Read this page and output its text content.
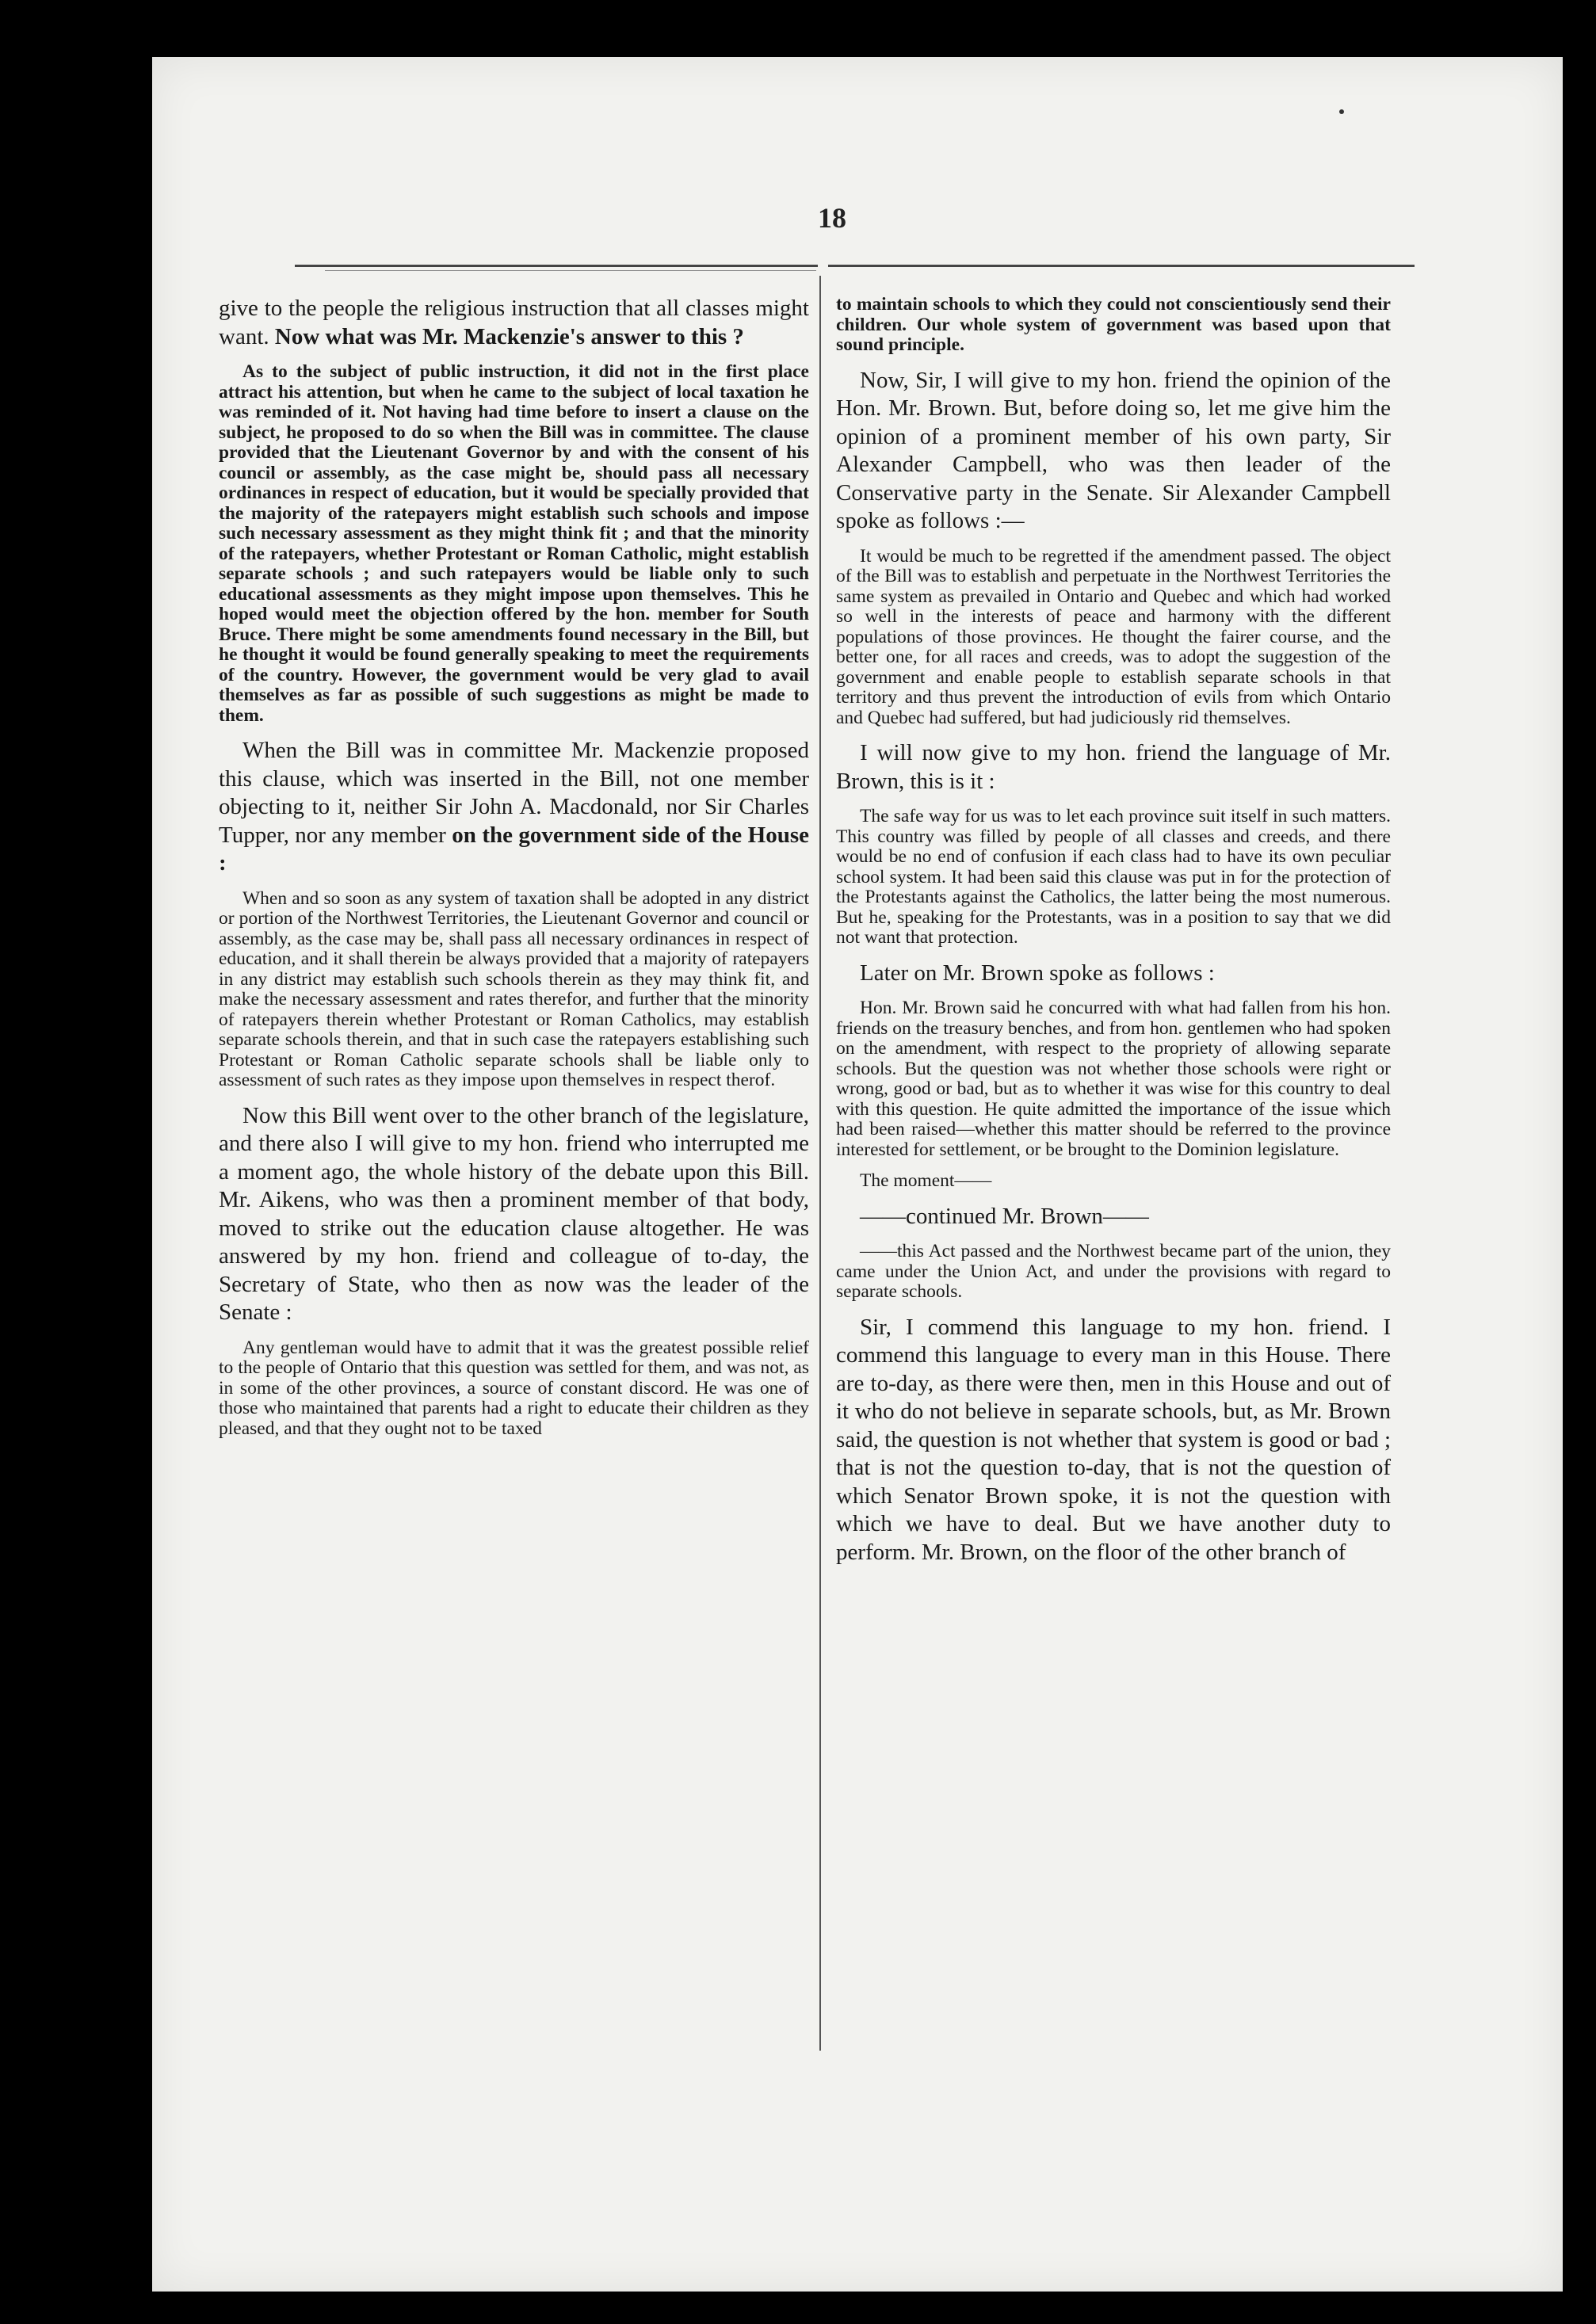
18

give to the people the religious instruction that all classes might want. Now what was Mr. Mackenzie's answer to this ?

As to the subject of public instruction, it did not in the first place attract his attention, but when he came to the subject of local taxation he was reminded of it. Not having had time before to insert a clause on the subject, he proposed to do so when the Bill was in committee. The clause provided that the Lieutenant Governor by and with the consent of his council or assembly, as the case might be, should pass all necessary ordinances in respect of education, but it would be specially provided that the majority of the ratepayers might establish such schools and impose such necessary assessment as they might think fit ; and that the minority of the ratepayers, whether Protestant or Roman Catholic, might establish separate schools ; and such ratepayers would be liable only to such educational assessments as they might impose upon themselves. This he hoped would meet the objection offered by the hon. member for South Bruce. There might be some amendments found necessary in the Bill, but he thought it would be found generally speaking to meet the requirements of the country. However, the government would be very glad to avail themselves as far as possible of such suggestions as might be made to them.

When the Bill was in committee Mr. Mackenzie proposed this clause, which was inserted in the Bill, not one member objecting to it, neither Sir John A. Macdonald, nor Sir Charles Tupper, nor any member on the government side of the House :

When and so soon as any system of taxation shall be adopted in any district or portion of the Northwest Territories, the Lieutenant Governor and council or assembly, as the case may be, shall pass all necessary ordinances in respect of education, and it shall therein be always provided that a majority of ratepayers in any district may establish such schools therein as they may think fit, and make the necessary assessment and rates therefor, and further that the minority of ratepayers therein whether Protestant or Roman Catholics, may establish separate schools therein, and that in such case the ratepayers establishing such Protestant or Roman Catholic separate schools shall be liable only to assessment of such rates as they impose upon themselves in respect therof.

Now this Bill went over to the other branch of the legislature, and there also I will give to my hon. friend who interrupted me a moment ago, the whole history of the debate upon this Bill. Mr. Aikens, who was then a prominent member of that body, moved to strike out the education clause altogether. He was answered by my hon. friend and colleague of to-day, the Secretary of State, who then as now was the leader of the Senate :

Any gentleman would have to admit that it was the greatest possible relief to the people of Ontario that this question was settled for them, and was not, as in some of the other provinces, a source of constant discord. He was one of those who maintained that parents had a right to educate their children as they pleased, and that they ought not to be taxed

to maintain schools to which they could not conscientiously send their children. Our whole system of government was based upon that sound principle.

Now, Sir, I will give to my hon. friend the opinion of the Hon. Mr. Brown. But, before doing so, let me give him the opinion of a prominent member of his own party, Sir Alexander Campbell, who was then leader of the Conservative party in the Senate. Sir Alexander Campbell spoke as follows :—

It would be much to be regretted if the amendment passed. The object of the Bill was to establish and perpetuate in the Northwest Territories the same system as prevailed in Ontario and Quebec and which had worked so well in the interests of peace and harmony with the different populations of those provinces. He thought the fairer course, and the better one, for all races and creeds, was to adopt the suggestion of the government and enable people to establish separate schools in that territory and thus prevent the introduction of evils from which Ontario and Quebec had suffered, but had judiciously rid themselves.

I will now give to my hon. friend the language of Mr. Brown, this is it :

The safe way for us was to let each province suit itself in such matters. This country was filled by people of all classes and creeds, and there would be no end of confusion if each class had to have its own peculiar school system. It had been said this clause was put in for the protection of the Protestants against the Catholics, the latter being the most numerous. But he, speaking for the Protestants, was in a position to say that we did not want that protection.

Later on Mr. Brown spoke as follows :

Hon. Mr. Brown said he concurred with what had fallen from his hon. friends on the treasury benches, and from hon. gentlemen who had spoken on the amendment, with respect to the propriety of allowing separate schools. But the question was not whether those schools were right or wrong, good or bad, but as to whether it was wise for this country to deal with this question. He quite admitted the importance of the issue which had been raised—whether this matter should be referred to the province interested for settlement, or be brought to the Dominion legislature.

The moment——

——continued Mr. Brown——

——this Act passed and the Northwest became part of the union, they came under the Union Act, and under the provisions with regard to separate schools.

Sir, I commend this language to my hon. friend. I commend this language to every man in this House. There are to-day, as there were then, men in this House and out of it who do not believe in separate schools, but, as Mr. Brown said, the question is not whether that system is good or bad ; that is not the question to-day, that is not the question of which Senator Brown spoke, it is not the question with which we have to deal. But we have another duty to perform. Mr. Brown, on the floor of the other branch of
